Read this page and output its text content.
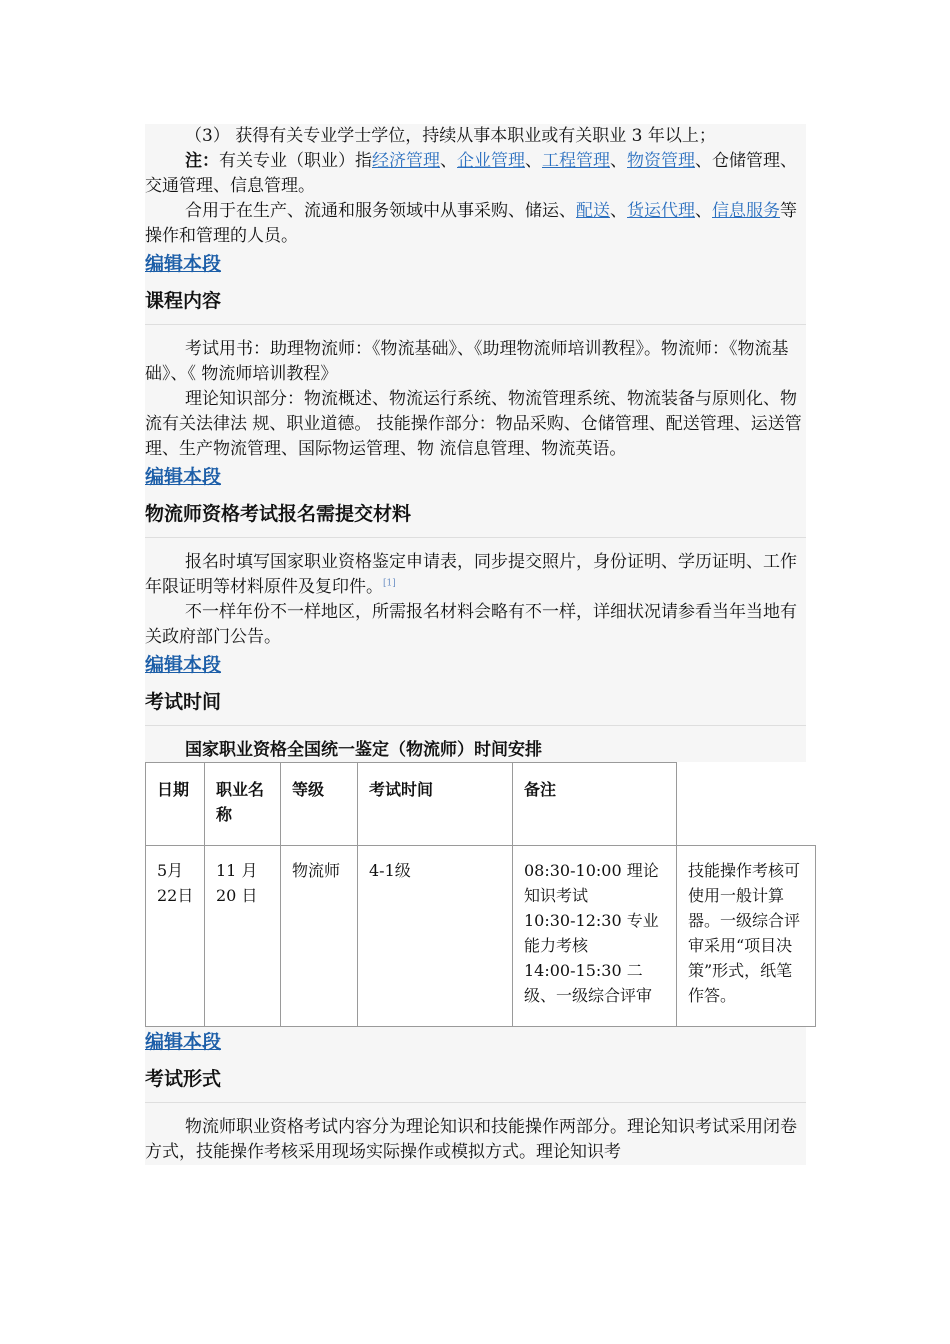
（3） 获得有关专业学士学位，持续从事本职业或有关职业 3 年以上；

注：有关专业（职业）指经济管理、企业管理、工程管理、物资管理、仓储管理、交通管理、信息管理。

合用于在生产、流通和服务领域中从事采购、储运、配送、货运代理、信息服务等操作和管理的人员。

编辑本段
课程内容

考试用书：助理物流师：《物流基础》、《助理物流师培训教程》。物流师：《物流基础》、《 物流师培训教程》

理论知识部分：物流概述、物流运行系统、物流管理系统、物流装备与原则化、物流有关法律法 规、职业道德。 技能操作部分：物品采购、仓储管理、配送管理、运送管理、生产物流管理、国际物运管理、物 流信息管理、物流英语。

编辑本段
物流师资格考试报名需提交材料

报名时填写国家职业资格鉴定申请表，同步提交照片，身份证明、学历证明、工作年限证明等材料原件及复印件。[1]

不一样年份不一样地区，所需报名材料会略有不一样，详细状况请参看当年当地有关政府部门公告。

编辑本段
考试时间
国家职业资格全国统一鉴定（物流师）时间安排
日期	职业名称	等级	考试时间	备注	
5月22日	11 月 20 日	物流师	4-1级	08:30-10:00 理论知识考试
10:30-12:30 专业能力考核
14:00-15:30 二级、一级综合评审	技能操作考核可使用一般计算器。一级综合评审采用“项目决策”形式，纸笔作答。
编辑本段
考试形式

物流师职业资格考试内容分为理论知识和技能操作两部分。理论知识考试采用闭卷方式，技能操作考核采用现场实际操作或模拟方式。理论知识考
